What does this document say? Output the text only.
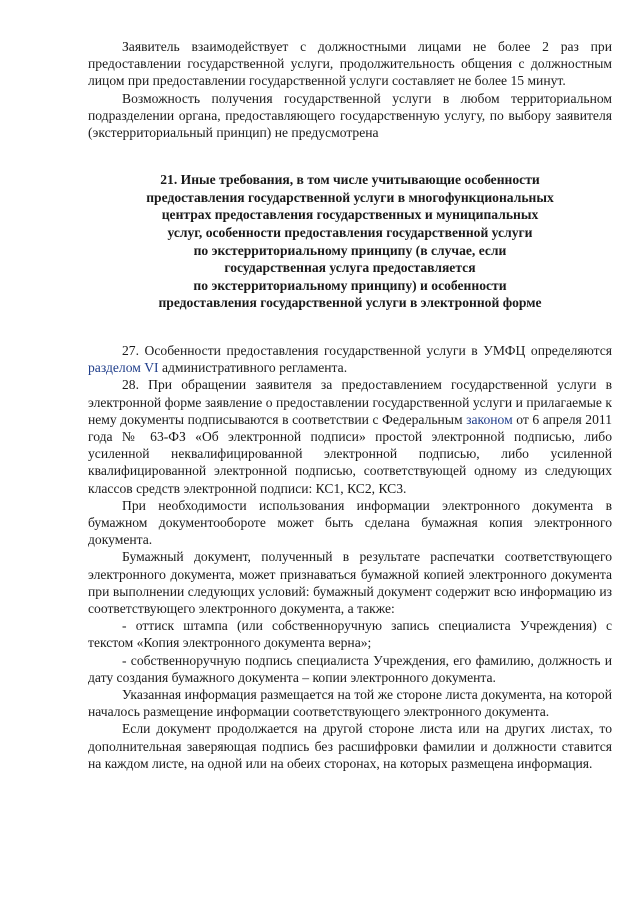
Заявитель взаимодействует с должностными лицами не более 2 раз при предоставлении государственной услуги, продолжительность общения с должностным лицом при предоставлении государственной услуги составляет не более 15 минут.

Возможность получения государственной услуги в любом территориальном подразделении органа, предоставляющего государственную услугу, по выбору заявителя (экстерриториальный принцип) не предусмотрена

21. Иные требования, в том числе учитывающие особенности
предоставления государственной услуги в многофункциональных
центрах предоставления государственных и муниципальных
услуг, особенности предоставления государственной услуги
по экстерриториальному принципу (в случае, если
государственная услуга предоставляется
по экстерриториальному принципу) и особенности
предоставления государственной услуги в электронной форме

27. Особенности предоставления государственной услуги в УМФЦ определяются разделом VI административного регламента.

28. При обращении заявителя за предоставлением государственной услуги в электронной форме заявление о предоставлении государственной услуги и прилагаемые к нему документы подписываются в соответствии с Федеральным законом от 6 апреля 2011 года № 63-ФЗ «Об электронной подписи» простой электронной подписью, либо усиленной неквалифицированной электронной подписью, либо усиленной квалифицированной электронной подписью, соответствующей одному из следующих классов средств электронной подписи: КС1, КС2, КС3.

При необходимости использования информации электронного документа в бумажном документообороте может быть сделана бумажная копия электронного документа.

Бумажный документ, полученный в результате распечатки соответствующего электронного документа, может признаваться бумажной копией электронного документа при выполнении следующих условий: бумажный документ содержит всю информацию из соответствующего электронного документа, а также:

- оттиск штампа (или собственноручную запись специалиста Учреждения) с текстом «Копия электронного документа верна»;

- собственноручную подпись специалиста Учреждения, его фамилию, должность и дату создания бумажного документа – копии электронного документа.

Указанная информация размещается на той же стороне листа документа, на которой началось размещение информации соответствующего электронного документа.

Если документ продолжается на другой стороне листа или на других листах, то дополнительная заверяющая подпись без расшифровки фамилии и должности ставится на каждом листе, на одной или на обеих сторонах, на которых размещена информация.
